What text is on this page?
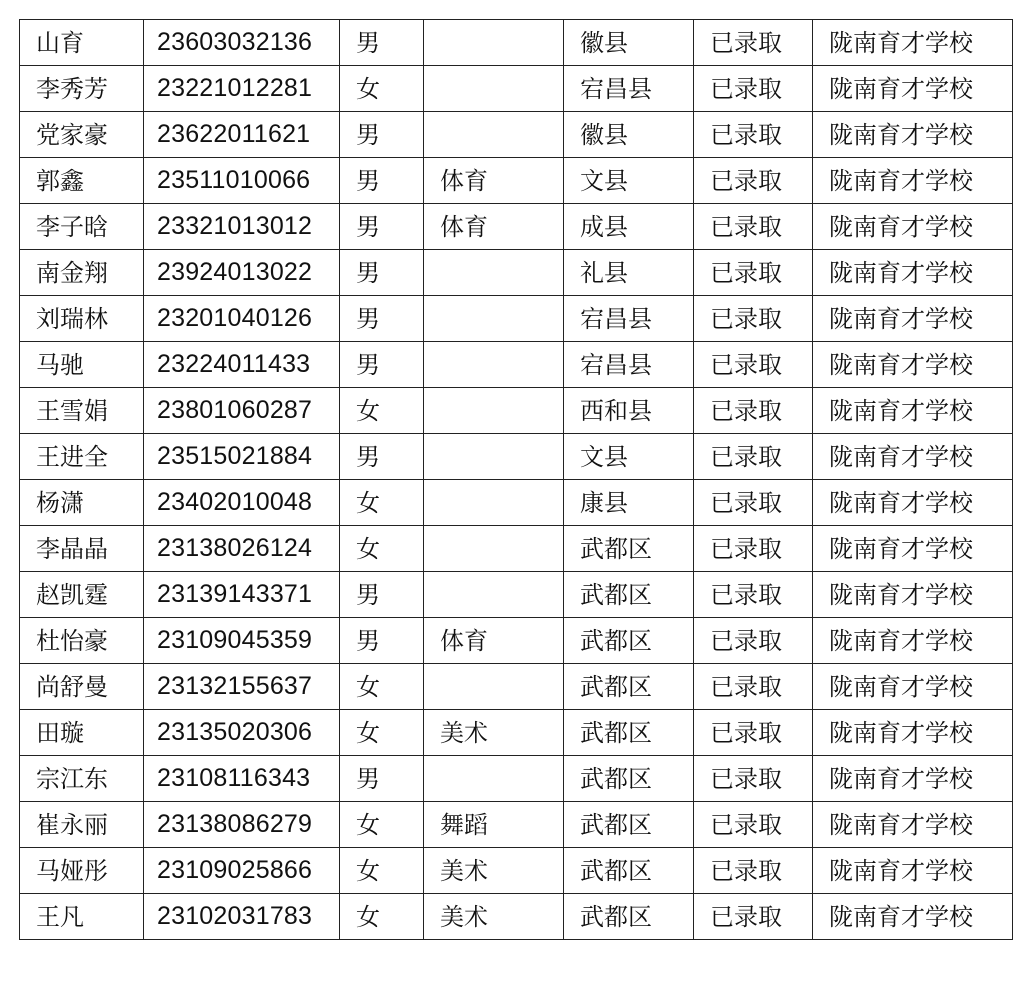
山育	23603032136	男		徽县	已录取	陇南育才学校
李秀芳	23221012281	女		宕昌县	已录取	陇南育才学校
党家豪	23622011621	男		徽县	已录取	陇南育才学校
郭鑫	23511010066	男	体育	文县	已录取	陇南育才学校
李子晗	23321013012	男	体育	成县	已录取	陇南育才学校
南金翔	23924013022	男		礼县	已录取	陇南育才学校
刘瑞林	23201040126	男		宕昌县	已录取	陇南育才学校
马驰	23224011433	男		宕昌县	已录取	陇南育才学校
王雪娟	23801060287	女		西和县	已录取	陇南育才学校
王进全	23515021884	男		文县	已录取	陇南育才学校
杨潇	23402010048	女		康县	已录取	陇南育才学校
李晶晶	23138026124	女		武都区	已录取	陇南育才学校
赵凯霆	23139143371	男		武都区	已录取	陇南育才学校
杜怡豪	23109045359	男	体育	武都区	已录取	陇南育才学校
尚舒曼	23132155637	女		武都区	已录取	陇南育才学校
田璇	23135020306	女	美术	武都区	已录取	陇南育才学校
宗江东	23108116343	男		武都区	已录取	陇南育才学校
崔永丽	23138086279	女	舞蹈	武都区	已录取	陇南育才学校
马娅彤	23109025866	女	美术	武都区	已录取	陇南育才学校
王凡	23102031783	女	美术	武都区	已录取	陇南育才学校
